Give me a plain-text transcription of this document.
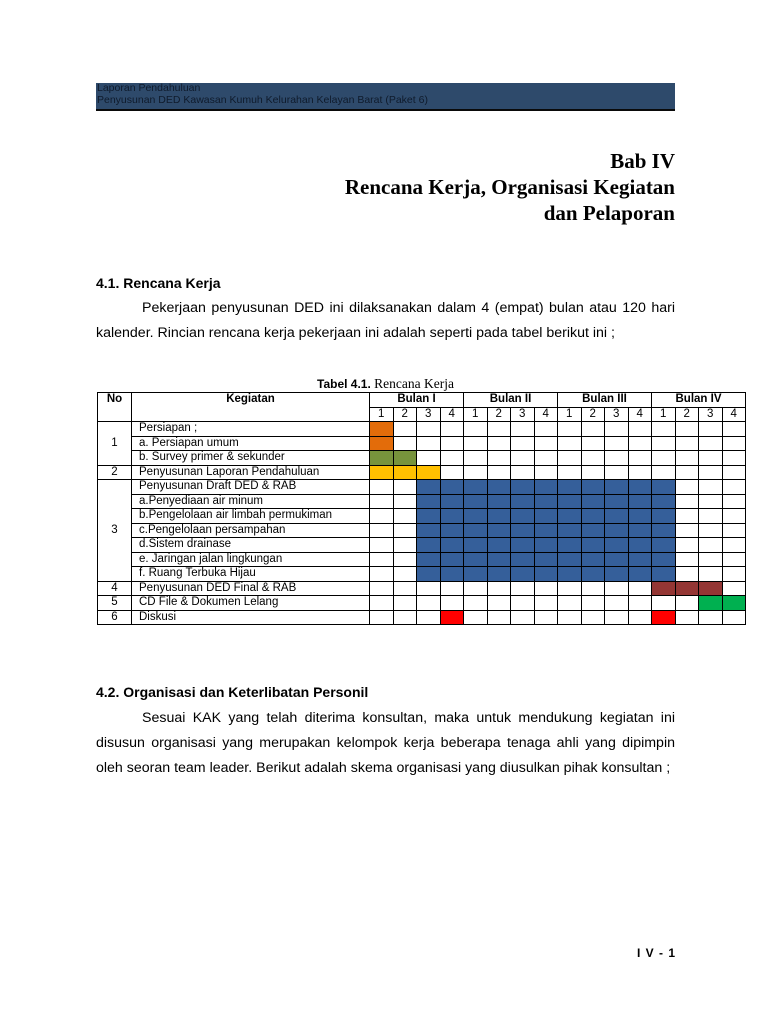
Laporan Pendahuluan
Penyusunan DED Kawasan Kumuh Kelurahan Kelayan Barat (Paket 6)
Bab IV
Rencana Kerja, Organisasi Kegiatan
dan Pelaporan
4.1. Rencana Kerja

Pekerjaan penyusunan DED ini dilaksanakan dalam 4 (empat) bulan atau 120 hari kalender. Rincian rencana kerja pekerjaan ini adalah seperti pada tabel berikut ini ;

Tabel 4.1. Rencana Kerja
No	Kegiatan	Bulan I				Bulan II				Bulan III				Bulan IV			
		1	2	3	4	1	2	3	4	1	2	3	4	1	2	3	4
1	Persiapan ;																
	a. Persiapan umum																
	b. Survey primer & sekunder																
2	Penyusunan Laporan Pendahuluan																
3	Penyusunan Draft DED & RAB																
	a.Penyediaan air minum																
	b.Pengelolaan air limbah permukiman																
	c.Pengelolaan persampahan																
	d.Sistem drainase																
	e. Jaringan jalan lingkungan																
	f. Ruang Terbuka Hijau																
4	Penyusunan DED Final & RAB																
5	CD File & Dokumen Lelang																
6	Diskusi																
4.2. Organisasi dan Keterlibatan Personil

Sesuai KAK yang telah diterima konsultan, maka untuk mendukung kegiatan ini disusun organisasi yang merupakan kelompok kerja beberapa tenaga ahli yang dipimpin oleh seoran team leader. Berikut adalah skema organisasi yang diusulkan pihak konsultan ;

I V - 1
